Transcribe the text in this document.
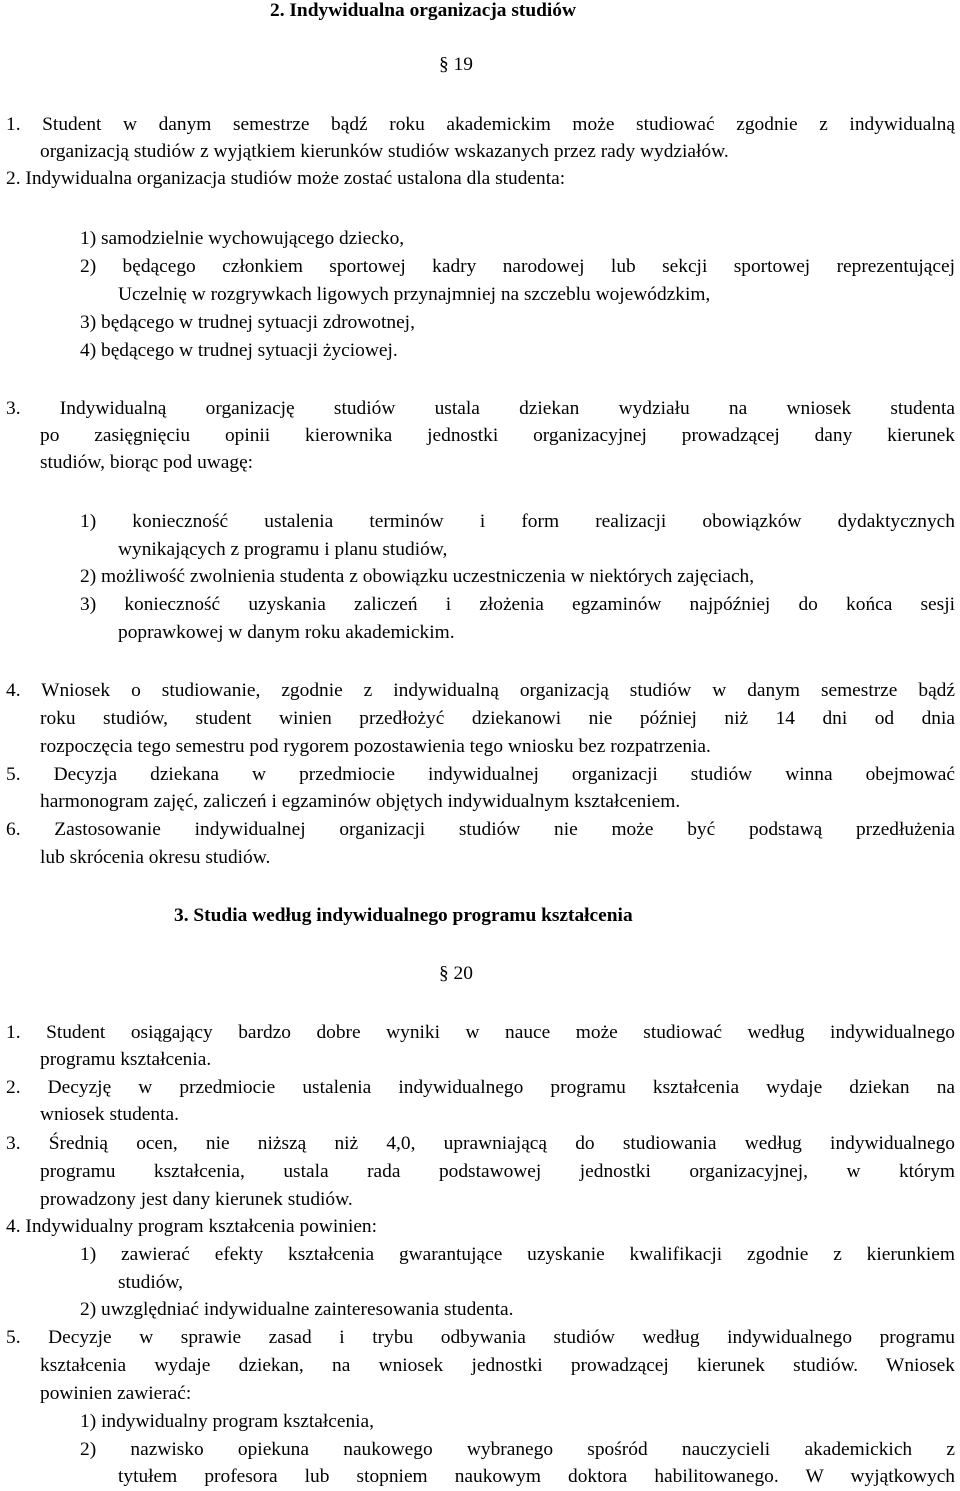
2. Indywidualna organizacja studiów
§ 19
1. Student w danym semestrze bądź roku akademickim może studiować zgodnie z indywidualną
organizacją studiów z wyjątkiem kierunków studiów wskazanych przez rady wydziałów.
2. Indywidualna organizacja studiów może zostać ustalona dla studenta:
1) samodzielnie wychowującego dziecko,
2) będącego członkiem sportowej kadry narodowej lub sekcji sportowej reprezentującej
Uczelnię w rozgrywkach ligowych przynajmniej na szczeblu wojewódzkim,
3) będącego w trudnej sytuacji zdrowotnej,
4) będącego w trudnej sytuacji życiowej.
3. Indywidualną organizację studiów ustala dziekan wydziału na wniosek studenta
po zasięgnięciu opinii kierownika jednostki organizacyjnej prowadzącej dany kierunek
studiów, biorąc pod uwagę:
1) konieczność ustalenia terminów i form realizacji obowiązków dydaktycznych
wynikających z programu i planu studiów,
2) możliwość zwolnienia studenta z obowiązku uczestniczenia w niektórych zajęciach,
3) konieczność uzyskania zaliczeń i złożenia egzaminów najpóźniej do końca sesji
poprawkowej w danym roku akademickim.
4. Wniosek o studiowanie, zgodnie z indywidualną organizacją studiów w danym semestrze bądź
roku studiów, student winien przedłożyć dziekanowi nie później niż 14 dni od dnia
rozpoczęcia tego semestru pod rygorem pozostawienia tego wniosku bez rozpatrzenia.
5. Decyzja dziekana w przedmiocie indywidualnej organizacji studiów winna obejmować
harmonogram zajęć, zaliczeń i egzaminów objętych indywidualnym kształceniem.
6. Zastosowanie indywidualnej organizacji studiów nie może być podstawą przedłużenia
lub skrócenia okresu studiów.
3. Studia według indywidualnego programu kształcenia
§ 20
1. Student osiągający bardzo dobre wyniki w nauce może studiować według indywidualnego
programu kształcenia.
2. Decyzję w przedmiocie ustalenia indywidualnego programu kształcenia wydaje dziekan na
wniosek studenta.
3. Średnią ocen, nie niższą niż 4,0, uprawniającą do studiowania według indywidualnego
programu kształcenia, ustala rada podstawowej jednostki organizacyjnej, w którym
prowadzony jest dany kierunek studiów.
4. Indywidualny program kształcenia powinien:
1) zawierać efekty kształcenia gwarantujące uzyskanie kwalifikacji zgodnie z kierunkiem
studiów,
2) uwzględniać indywidualne zainteresowania studenta.
5. Decyzje w sprawie zasad i trybu odbywania studiów według indywidualnego programu
kształcenia wydaje dziekan, na wniosek jednostki prowadzącej kierunek studiów. Wniosek
powinien zawierać:
1) indywidualny program kształcenia,
2) nazwisko opiekuna naukowego wybranego spośród nauczycieli akademickich z
tytułem profesora lub stopniem naukowym doktora habilitowanego. W wyjątkowych
